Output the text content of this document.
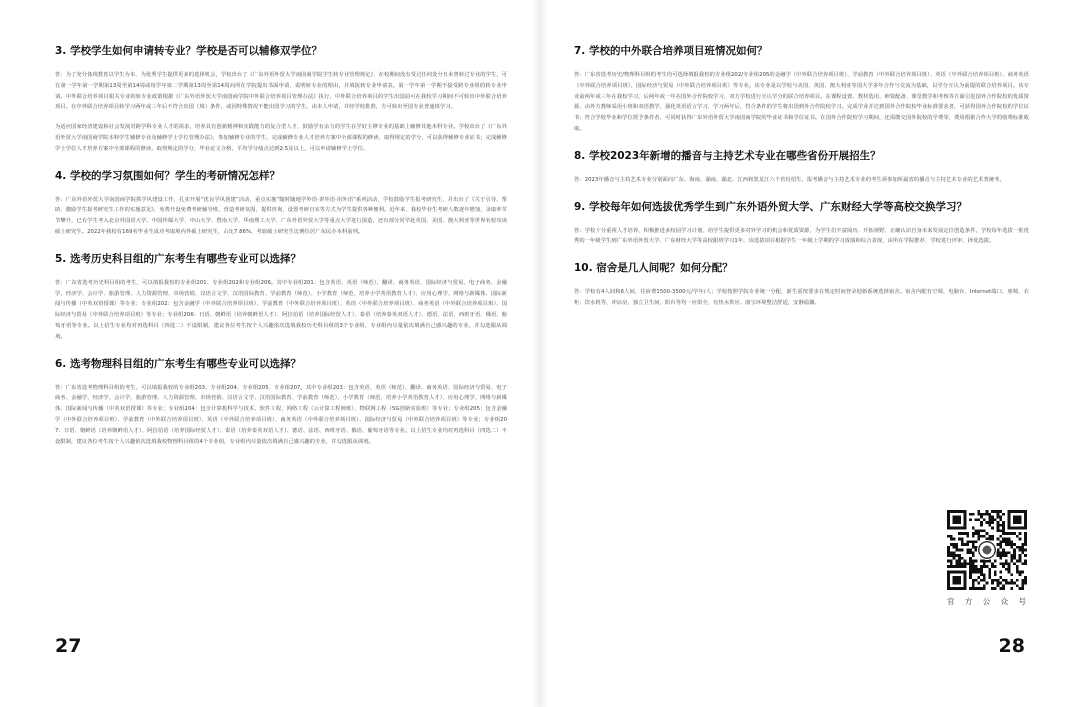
3. 学校学生如何申请转专业？学校是否可以辅修双学位？

答：为了充分体现教育以学生为本、为优秀学生提供更多的选择机会，学校出台了《广东外语外贸大学南国商学院学生转专业管理规定》，在校期间没有受过任何处分且未曾转过专业的学生，可在第一学年第一学期第13周至第14周或每学年第二学期第13周至第14周向所在学院提出书面申请，说明转专业的理由，并填报转专业申请表。第一学年第一学期不接受跨专业组的转专业申请。中外联合培养项目相关专业的转专业政策根据《广东外语外贸大学南国商学院中外联合培养项目管理办法》执行，中外联合培养项目的学生出国前可在我校学习期间不可转出中外联合培养项目。在中外联合培养项目转学习两年或三年后不符合出国（境）条件，或因特殊情况不能出国学习的学生，由本人申请，并经学校批准，方可转出至国专业普通班学习。

为适应国家经济建设和社会发展对跨学科专业人才的需求，培养具有创新精神和实践能力的复合型人才，鼓励学有余力的学生在学好主修专业的基础上辅修其他本科专业。学校出台了《广东外语外贸大学南国商学院本科学生辅修专业及辅修学士学位管理办法》，参加辅修专业的学生，完成辅修专业人才培养方案中全部课程的修读，取得规定的学分，可以获得辅修专业证书；完成辅修学士学位人才培养方案中全部课程的修读，取得规定的学分，毕业论文合格，平均学分绩点达到2.5及以上，可以申请辅修学士学位。

4. 学校的学习氛围如何？学生的考研情况怎样？

答：广东外语外贸大学南国商学院抓学风建设工作，扎实开展“优良学风创建”活动，重点实施“随时随地学外语·讲外语·用外语”系列活动，学校鼓励学生报考研究生，并出台了《关于引导、帮助、激励学生报考研究生工作的实施意见》，免费开设免费考研辅导班，营造考研氛围，提供咨询，设置考研自室等方式为学生提供各种便利。近年来，我校毕业生考研人数逐年增加，录取率节节攀升，已有学生考入北京外国语大学、中国传媒大学、中山大学、暨南大学、华南理工大学、广东外语外贸大学等重点大学进行深造，还有部分同学赴英国、美国、澳大利亚等世界名校攻读硕士研究生。2022年我校有169名毕业生成功考取境内外硕士研究生，占比7.86%，考取硕士研究生比例位居广东民办本科前列。

5. 选考历史科目组的广东考生有哪些专业可以选择？

答：广东省选考历史科目组的考生，可以填报我校的专业组201、专业组202和专业组206。其中专业组201：包含英语、英语（师范）、翻译、商务英语、国际经济与贸易、电子商务、金融学、经济学、会计学、旅游管理、人力资源管理、市场营销、汉语言文学、汉语国际教育、学前教育（师范）、小学教育（师范、培养小学英语教育人才）、应用心理学、网络与新媒体、国际新闻与传播（中英双语授课）等专业；专业组202：包含金融学（中外联合培养项目班）、学前教育（中外联合培养项目班）、英语（中外联合培养项目班）、商务英语（中外联合培养项目班）、国际经济与贸易（中外联合培养项目班）等专业；专业组206：日语、朝鲜语（培养朝鲜语人才）、阿拉伯语（培养国际经贸人才）、泰语（培养泰英双语人才）、德语、法语、西班牙语、俄语、葡萄牙语等专业。以上招生专业均对再选科目（四选二）不设限制，建议各位考生按个人兴趣依次选填我校历史科目组的3个专业组，专业组内尽量依次填满自己感兴趣的专业，并勾选服从调剂。

6. 选考物理科目组的广东考生有哪些专业可以选择？

答：广东省选考物理科目组的考生，可以填报我校的专业组203、专业组204、专业组205、专业组207。其中专业组203：包含英语、英语（师范）、翻译、商务英语、国际经济与贸易、电子商务、金融学、经济学、会计学、旅游管理、人力资源管理、市场营销、汉语言文学、汉语国际教育、学前教育（师范）、小学教育（师范、培养小学英语教育人才）、应用心理学、网络与新媒体、国际新闻与传播（中英双语授课）等专业；专业组204：包含计算机科学与技术、软件工程、网络工程（云计算工程师班）、物联网工程（5G创新实验班）等专业；专业组205：包含金融学（中外联合培养项目班）、学前教育（中外联合培养项目班）、英语（中外联合培养项目班）、商务英语（中外联合培养项目班）、国际经济与贸易（中外联合培养项目班）等专业；专业组207：日语、朝鲜语（培养朝鲜语人才）、阿拉伯语（培养国际经贸人才）、泰语（培养泰英双语人才）、德语、法语、西班牙语、俄语、葡萄牙语等专业。以上招生专业均对再选科目（四选二）不设限制，建议各位考生按个人兴趣依次选填我校物理科目组的4个专业组，专业组内尽量依次填满自己感兴趣的专业，并勾选服从调剂。

27
7. 学校的中外联合培养项目班情况如何？

答：广东省选考历史/物理科目组的考生均可选择填报我校的专业组202/专业组205的金融学（中外联合培养项目班）、学前教育（中外联合培养项目班）、英语（中外联合培养项目班）、商务英语（中外联合培养项目班）、国际经济与贸易（中外联合培养项目班）等专业。该专业是以学校与美国、英国、澳大利亚等国大学多年合作与交流为基础，以学分互认为前提的联合培养项目。该专业前两年或三年在我校学习，后两年或一年在国外合作院校学习，双方学校进行互认学分的联合培养项目。在课程设置、教材选用、师资配备、课堂教学和考核等方面引进国外合作院校的优质资源，由外方教师采用小班和双语教学，强化英语语言学习，学习两年后，符合条件的学生将出国到外合作院校学习。完成学业并达到国外合作院校毕业标准要求者，可获得国外合作院校的学位证书；符合学校毕业和学位授予条件者，可同时获得广东外语外贸大学南国商学院的毕业证书和学位证书。在国外合作院校学习期间，还需缴交国外院校的学费等，费用根据合作大学的收费标准收取。

8. 学校2023年新增的播音与主持艺术专业在哪些省份开展招生？

答：2023年播音与主持艺术专业分别面向广东、海南、湖南、湖北、江西和黑龙江六个省份招生，报考播音与主持艺术专业的考生须参加所属省的播音与主持艺术专业的艺术类统考。

9. 学校每年如何选拔优秀学生到广东外语外贸大学、广东财经大学等高校交换学习？

答：学校十分重视人才培养，积极推进多校园学习计划，给学生提供更多对外学习的机会和优质资源，为学生们丰富阅历、开拓视野、正确认识自身未来发展定位创造条件。学校每年选拔一批优秀的一年级学生到广东外语外贸大学、广东财经大学等高校跟班学习1年，该选拔项目根据学生一年级上学期的学习成绩和综合表现，由所在学院推荐，学校进行评审，择优选拔。

10. 宿舍是几人间呢？如何分配？

答：学校有4人间和6人间，住宿费1500-3500元/学年/人；学校按照学院专业统一分配，新生需按要求在规定时间登录迎新系统选择宿舍。宿舍内配有空调、电脑台、Internet端口、座椅、衣柜、饮水机等，冲凉房，独立卫生间，阳台等均一应俱全，有热水供应。康宝环境整洁舒适，安静温馨。

官 方 公 众 号
28
